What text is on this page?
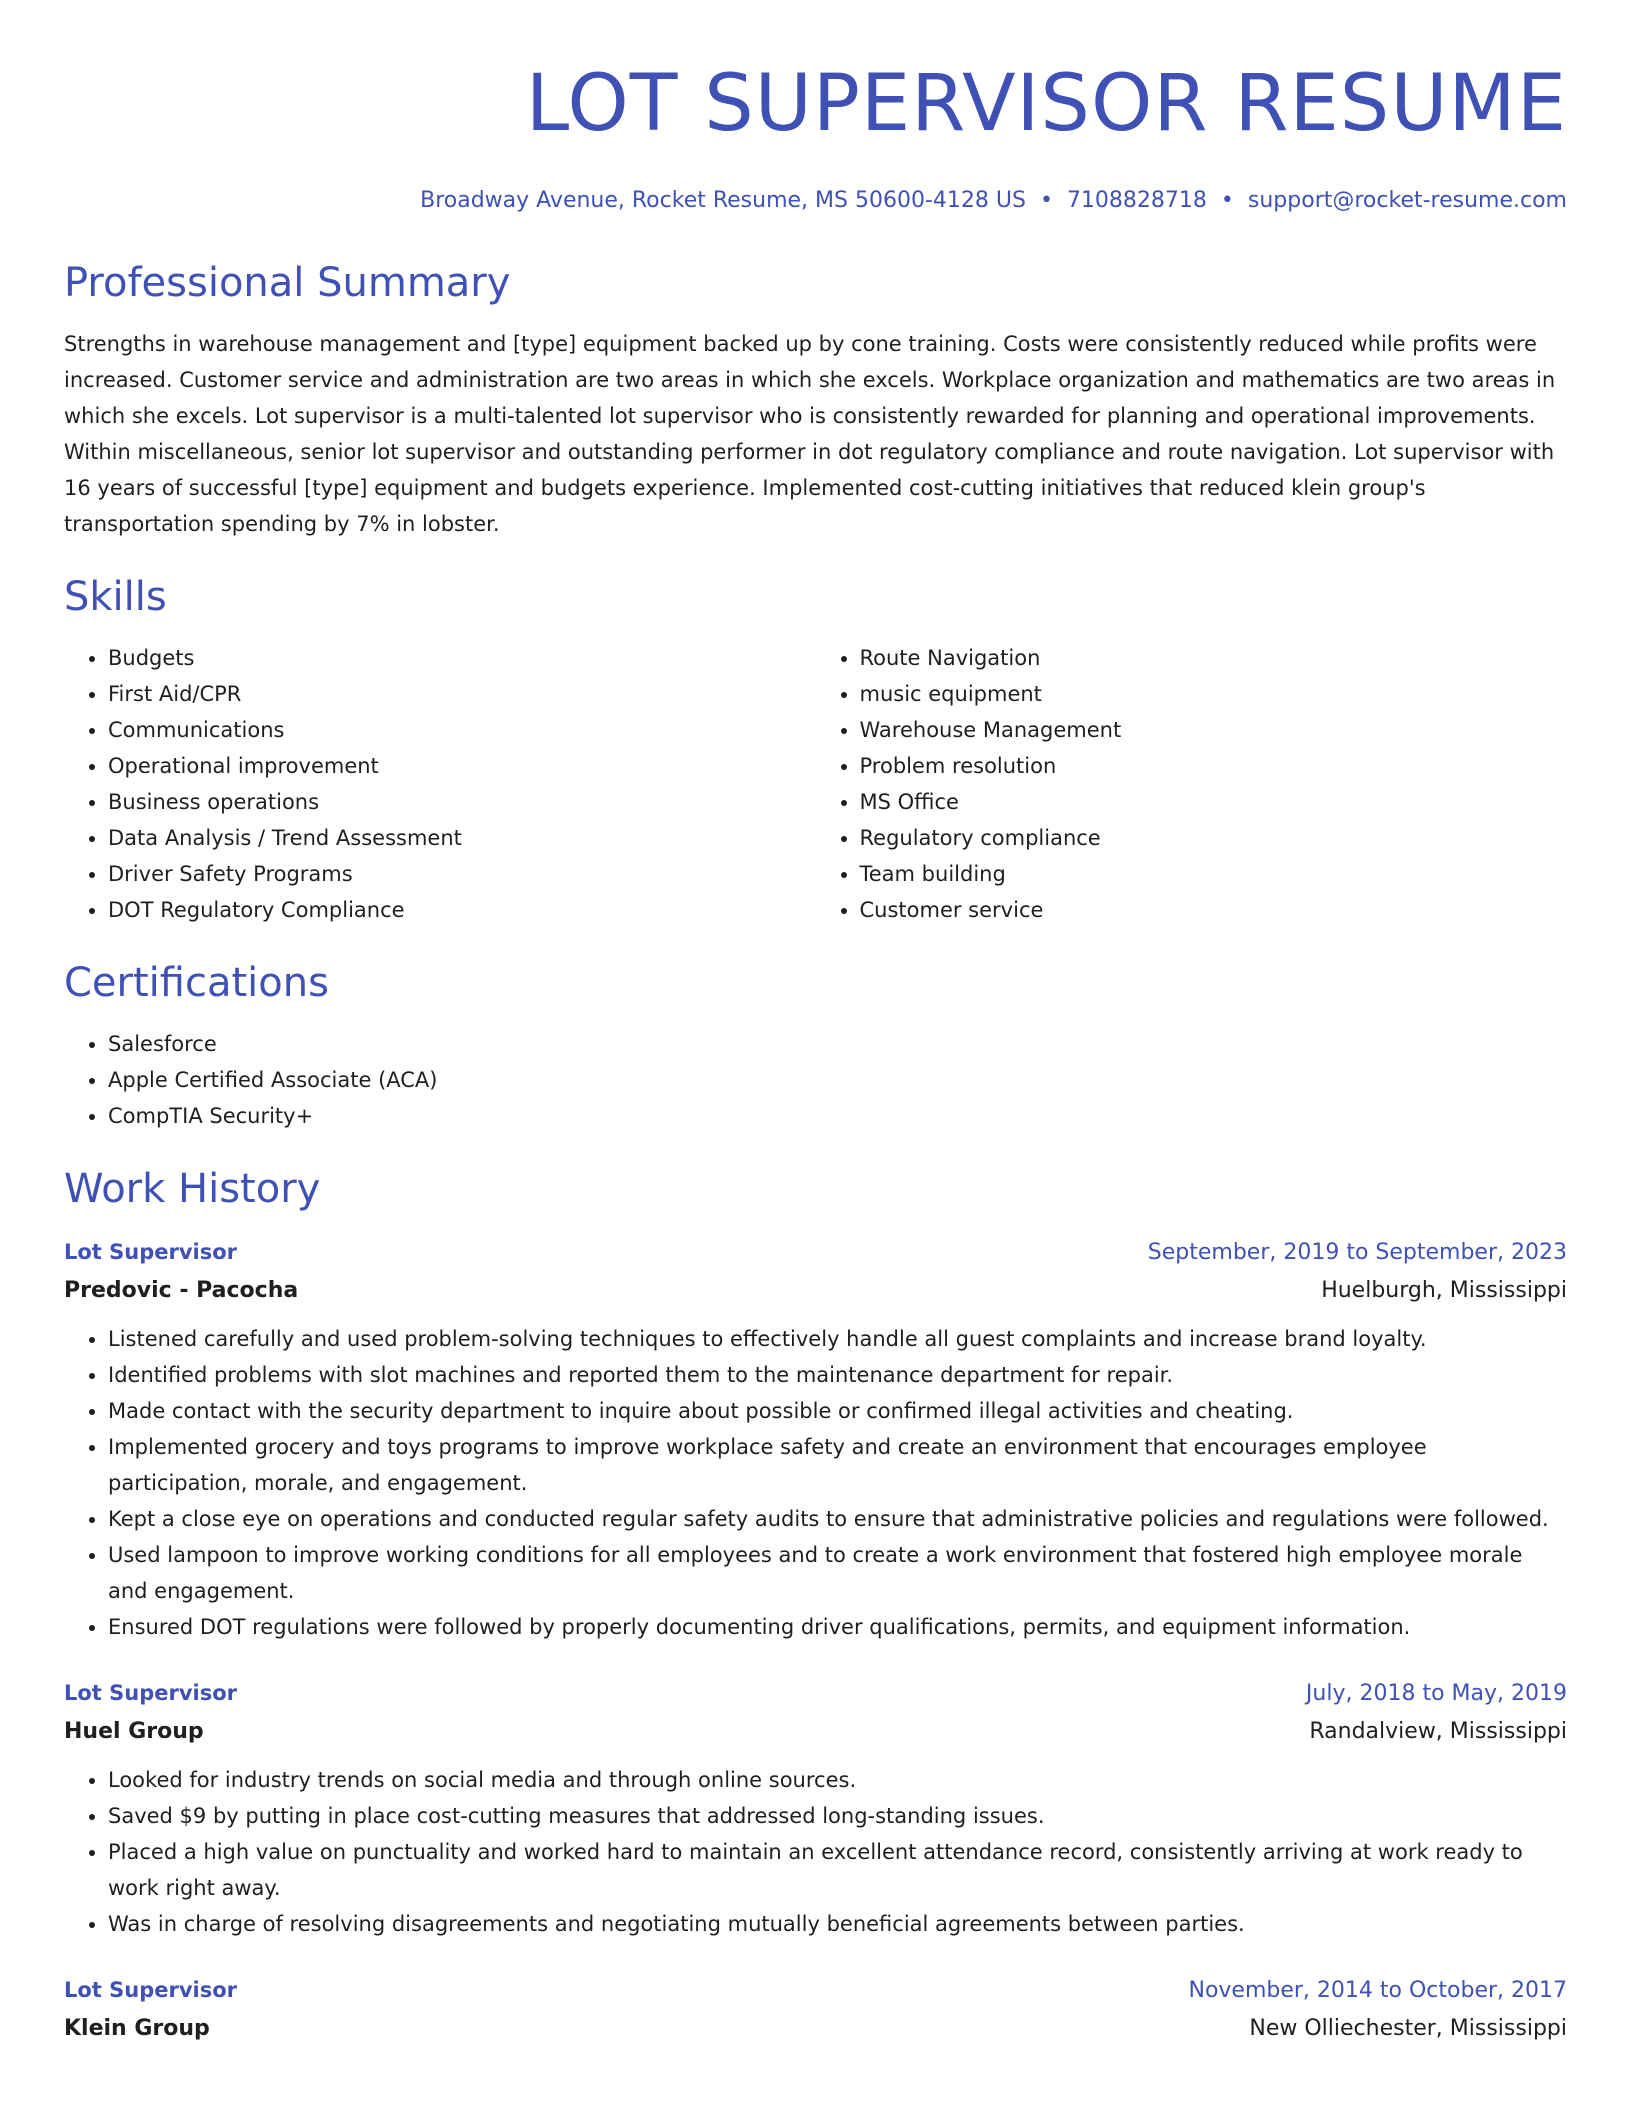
LOT SUPERVISOR RESUME
Broadway Avenue, Rocket Resume, MS 50600-4128 US • 7108828718 • support@rocket-resume.com
Professional Summary
Strengths in warehouse management and [type] equipment backed up by cone training. Costs were consistently reduced while profits were increased. Customer service and administration are two areas in which she excels. Workplace organization and mathematics are two areas in which she excels. Lot supervisor is a multi-talented lot supervisor who is consistently rewarded for planning and operational improvements. Within miscellaneous, senior lot supervisor and outstanding performer in dot regulatory compliance and route navigation. Lot supervisor with 16 years of successful [type] equipment and budgets experience. Implemented cost-cutting initiatives that reduced klein group's transportation spending by 7% in lobster.
Skills
• Budgets
• First Aid/CPR
• Communications
• Operational improvement
• Business operations
• Data Analysis / Trend Assessment
• Driver Safety Programs
• DOT Regulatory Compliance
• Route Navigation
• music equipment
• Warehouse Management
• Problem resolution
• MS Office
• Regulatory compliance
• Team building
• Customer service
Certifications
• Salesforce
• Apple Certified Associate (ACA)
• CompTIA Security+
Work History
Lot Supervisor	September, 2019 to September, 2023
Predovic - Pacocha	Huelburgh, Mississippi
• Listened carefully and used problem-solving techniques to effectively handle all guest complaints and increase brand loyalty.
• Identified problems with slot machines and reported them to the maintenance department for repair.
• Made contact with the security department to inquire about possible or confirmed illegal activities and cheating.
• Implemented grocery and toys programs to improve workplace safety and create an environment that encourages employee participation, morale, and engagement.
• Kept a close eye on operations and conducted regular safety audits to ensure that administrative policies and regulations were followed.
• Used lampoon to improve working conditions for all employees and to create a work environment that fostered high employee morale and engagement.
• Ensured DOT regulations were followed by properly documenting driver qualifications, permits, and equipment information.
Lot Supervisor	July, 2018 to May, 2019
Huel Group	Randalview, Mississippi
• Looked for industry trends on social media and through online sources.
• Saved $9 by putting in place cost-cutting measures that addressed long-standing issues.
• Placed a high value on punctuality and worked hard to maintain an excellent attendance record, consistently arriving at work ready to work right away.
• Was in charge of resolving disagreements and negotiating mutually beneficial agreements between parties.
Lot Supervisor	November, 2014 to October, 2017
Klein Group	New Olliechester, Mississippi
